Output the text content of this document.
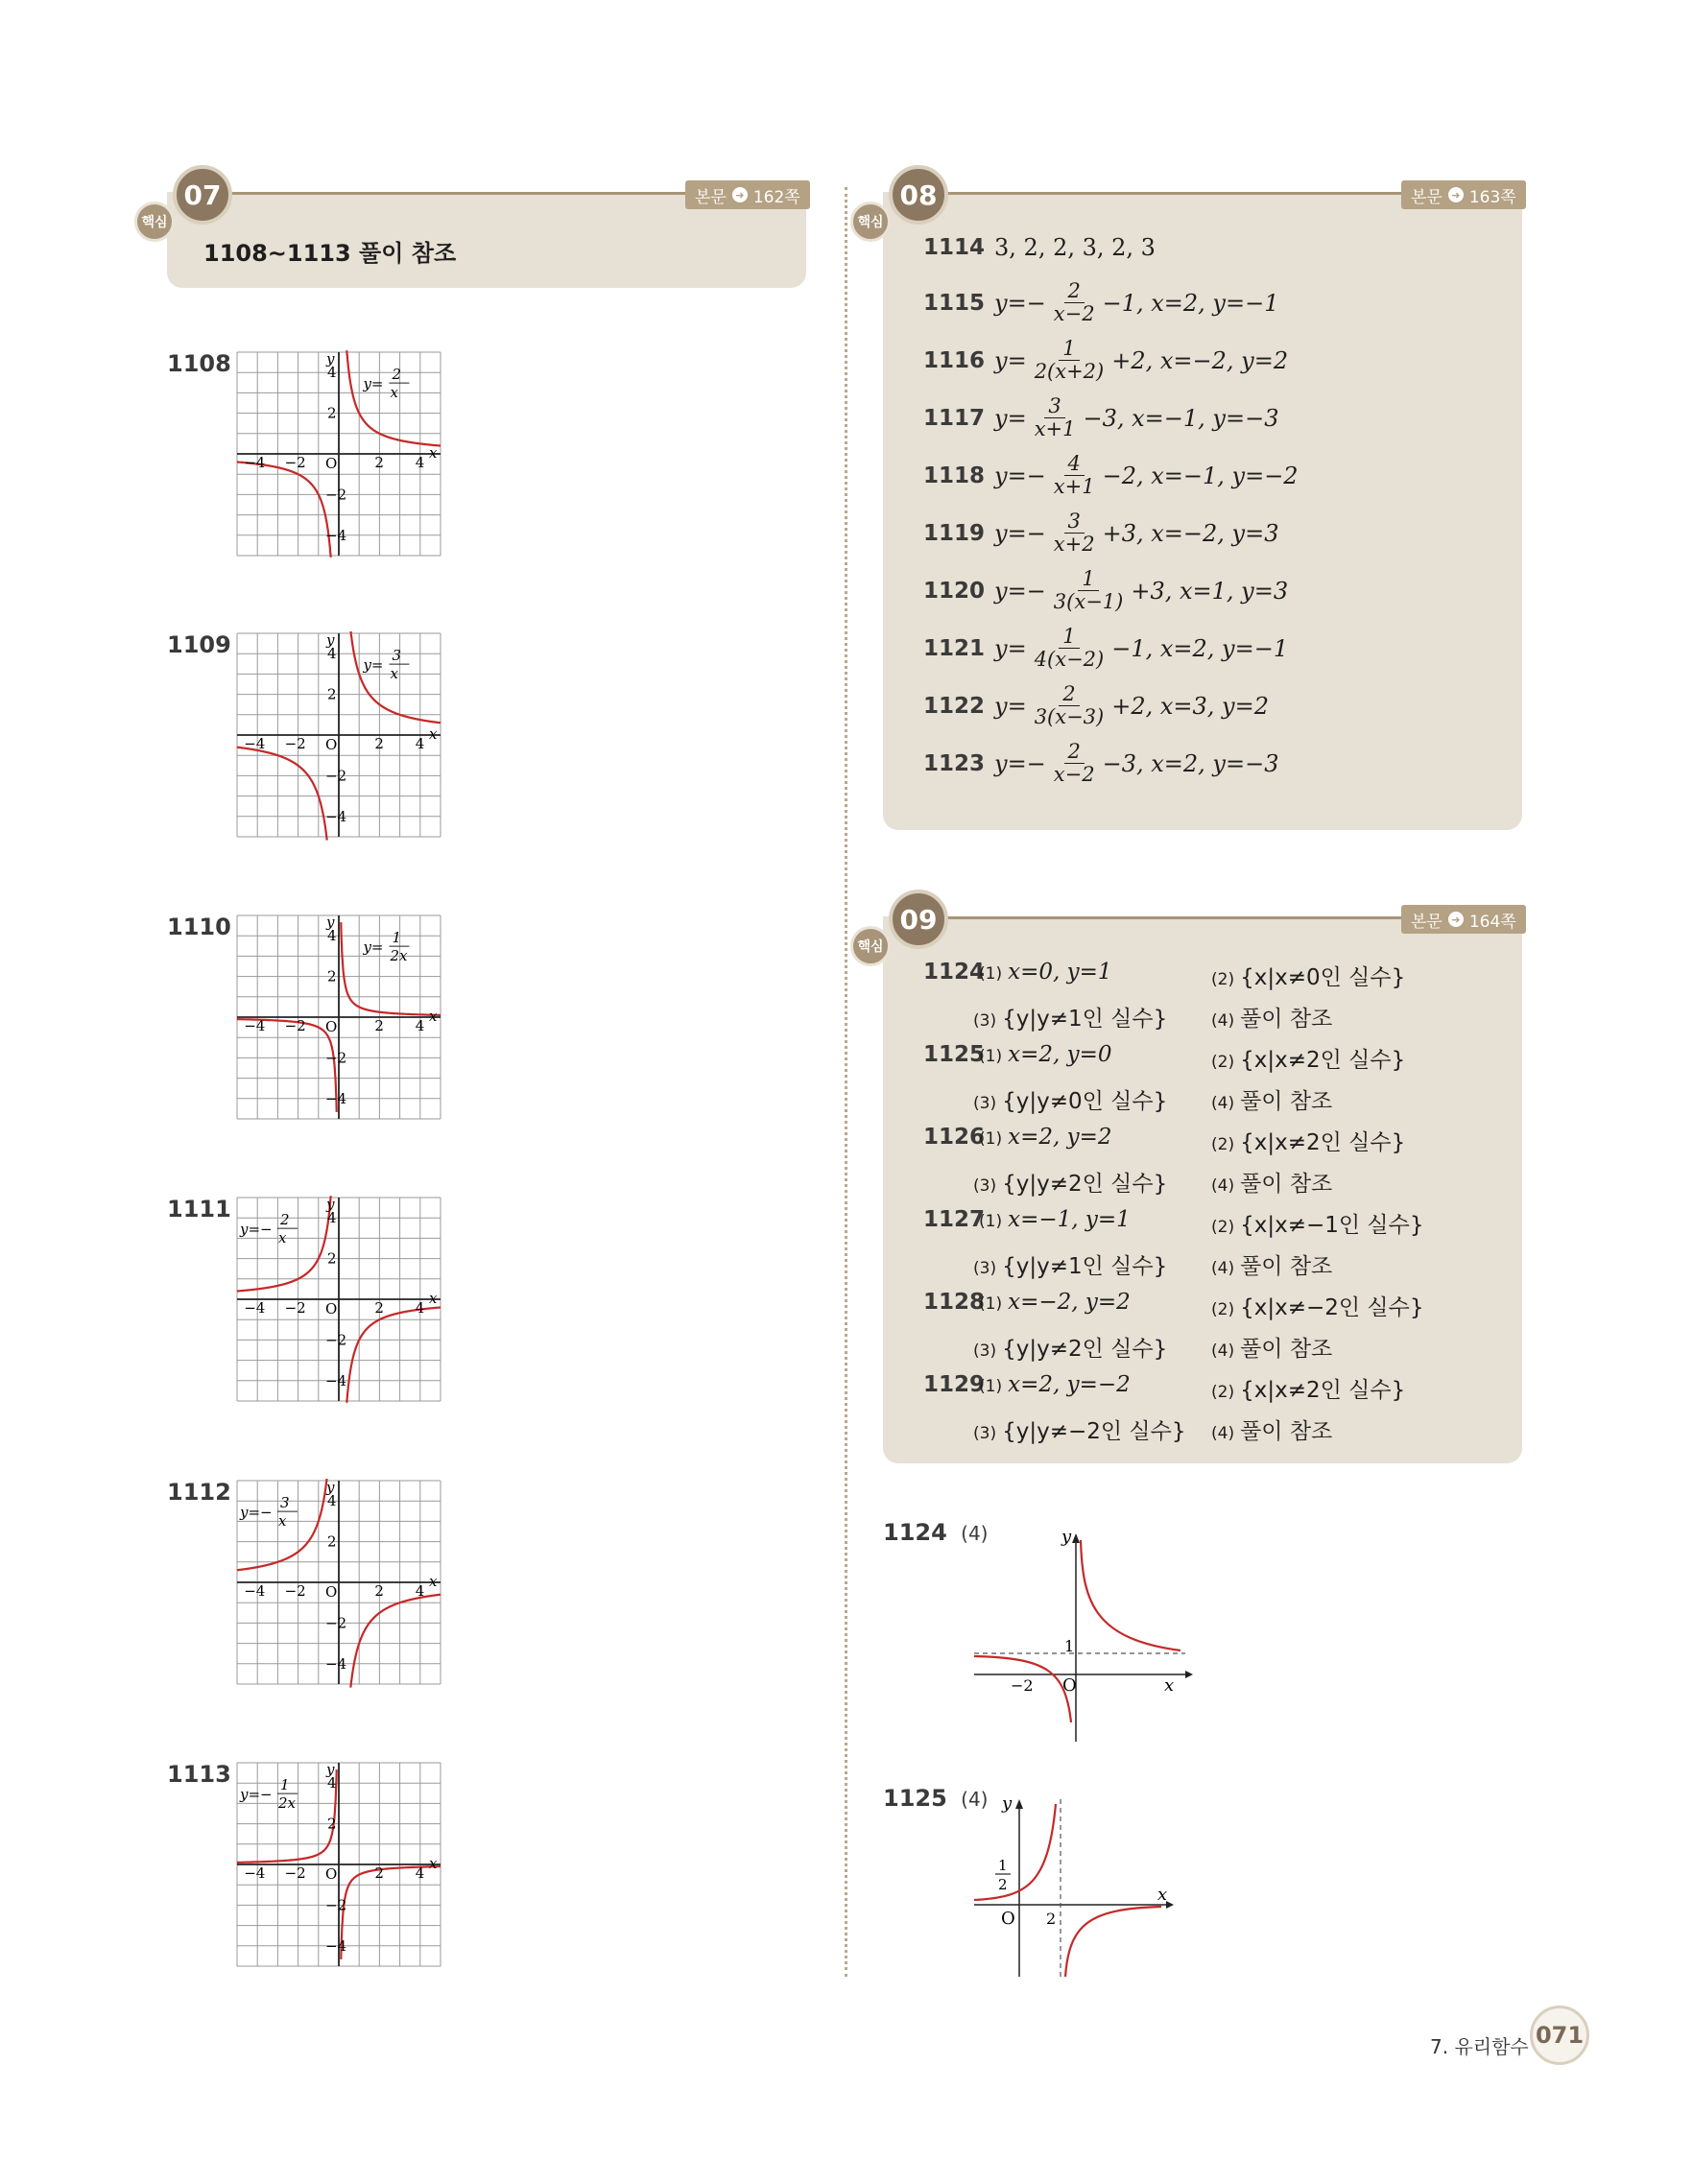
07
핵심
본문 ➜ 162쪽
1108~1113 풀이 참조
1108
−4 −2 O	2 4
x
y
4
2
−2
−4
y=
2
x
1109
−4 −2 O	2 4
x
y
4
2
−2
−4
y=
3
x
1110
−4 −2 O	2 4
x
y
4
2
−2
−4
y=
1
2x
1111
−4 −2 O	2 4
x
y
4
2
−2
−4
y=−
2
x
1112
−4 −2 O	2 4
x
y
4
2
−2
−4
y=−
3
x
1113
−4 −2 O	2 4
x
y
4
2
−2
−4
y=−
1
2x
08
핵심
본문 ➜ 163쪽
1114 3, 2, 2, 3, 2, 3
1115 $y=- \frac{2}{x-2} -1$, x=2, y=−1
1116 $y= \frac{1}{2(x+2)} +2$, x=−2, y=2
1117 $y= \frac{3}{x+1} -3$, x=−1, y=−3
1118 $y=- \frac{4}{x+1} -2$, x=−1, y=−2
1119 $y=- \frac{3}{x+2} +3$, x=−2, y=3
1120 $y=- \frac{1}{3(x-1)} +3$, x=1, y=3
1121 $y= \frac{1}{4(x-2)} -1$, x=2, y=−1
1122 $y= \frac{2}{3(x-3)} +2$, x=3, y=2
1123 $y=- \frac{2}{x-2} -3$, x=2, y=−3
09
핵심
본문 ➜ 164쪽
1124
(1) x=0, y=1	(2) {x|x≠0인 실수}
(3) {y|y≠1인 실수}	(4) 풀이 참조
1125
(1) x=2, y=0	(2) {x|x≠2인 실수}
(3) {y|y≠0인 실수}	(4) 풀이 참조
1126
(1) x=2, y=2	(2) {x|x≠2인 실수}
(3) {y|y≠2인 실수}	(4) 풀이 참조
1127
(1) x=−1, y=1	(2) {x|x≠−1인 실수}
(3) {y|y≠1인 실수}	(4) 풀이 참조
1128
(1) x=−2, y=2	(2) {x|x≠−2인 실수}
(3) {y|y≠2인 실수}	(4) 풀이 참조
1129
(1) x=2, y=−2	(2) {x|x≠2인 실수}
(3) {y|y≠−2인 실수} (4) 풀이 참조
1124 (4)	y
x
O
1
−2
1125 (4) y
x
O 2
1
2
7. 유리함수 071
